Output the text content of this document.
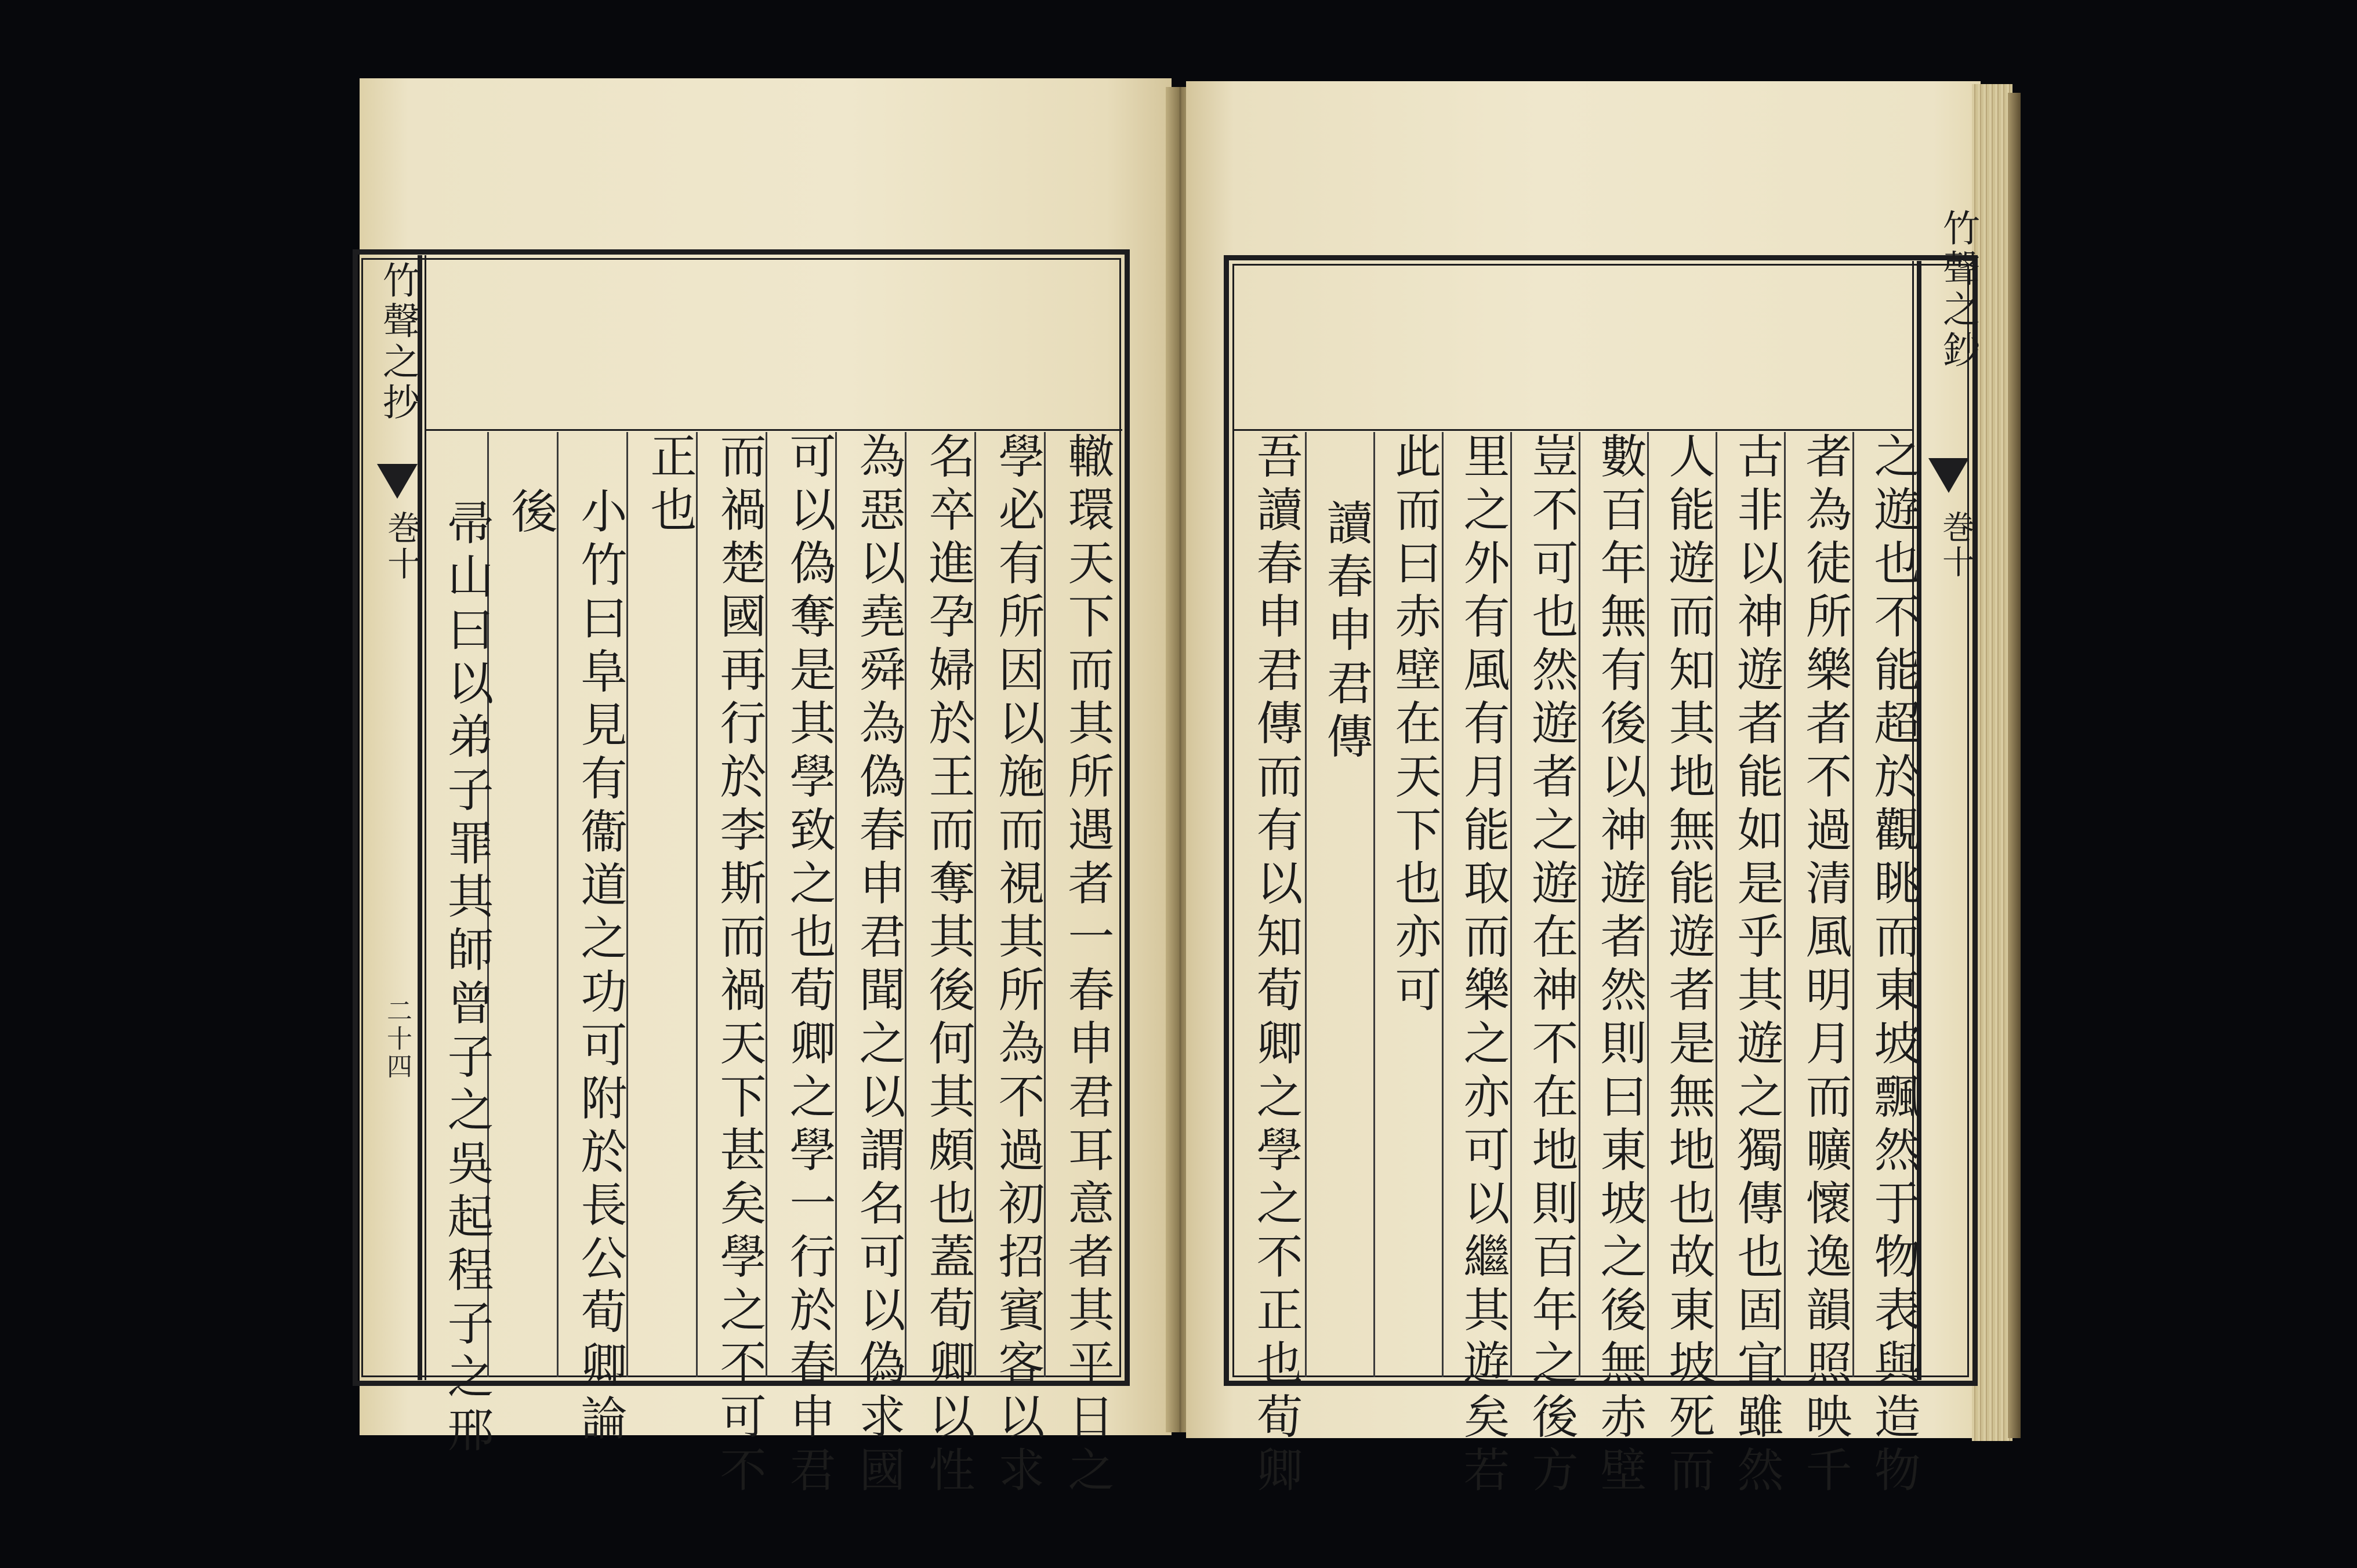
竹聲之抄
巻十
二十四	轍環天下而其所遇者一春申君耳意者其平日之
學必有所因以施而視其所為不過初招賓客以求
名卒進孕婦於王而奪其後何其頗也蓋荀卿以性
為惡以堯舜為偽春申君聞之以謂名可以偽求國
可以偽奪是其學致之也荀卿之學一行於春申君
而禍楚國再行於李斯而禍天下甚矣學之不可不
正也
小竹曰阜見有衞道之功可附於長公荀卿論
後
帚山曰以弟子罪其師曾子之吳起程子之邢
竹聲之鈔
巻十
之遊也不能超於觀眺而東坡飄然于物表與造物
者為徒所樂者不過清風明月而曠懷逸韻照映千
古非以神遊者能如是乎其遊之獨傳也固宜雖然
人能遊而知其地無能遊者是無地也故東坡死而
數百年無有後以神遊者然則曰東坡之後無赤壁
豈不可也然遊者之遊在神不在地則百年之後方
里之外有風有月能取而樂之亦可以繼其遊矣若
此而曰赤壁在天下也亦可
讀春申君傳
吾讀春申君傳而有以知荀卿之學之不正也荀卿
